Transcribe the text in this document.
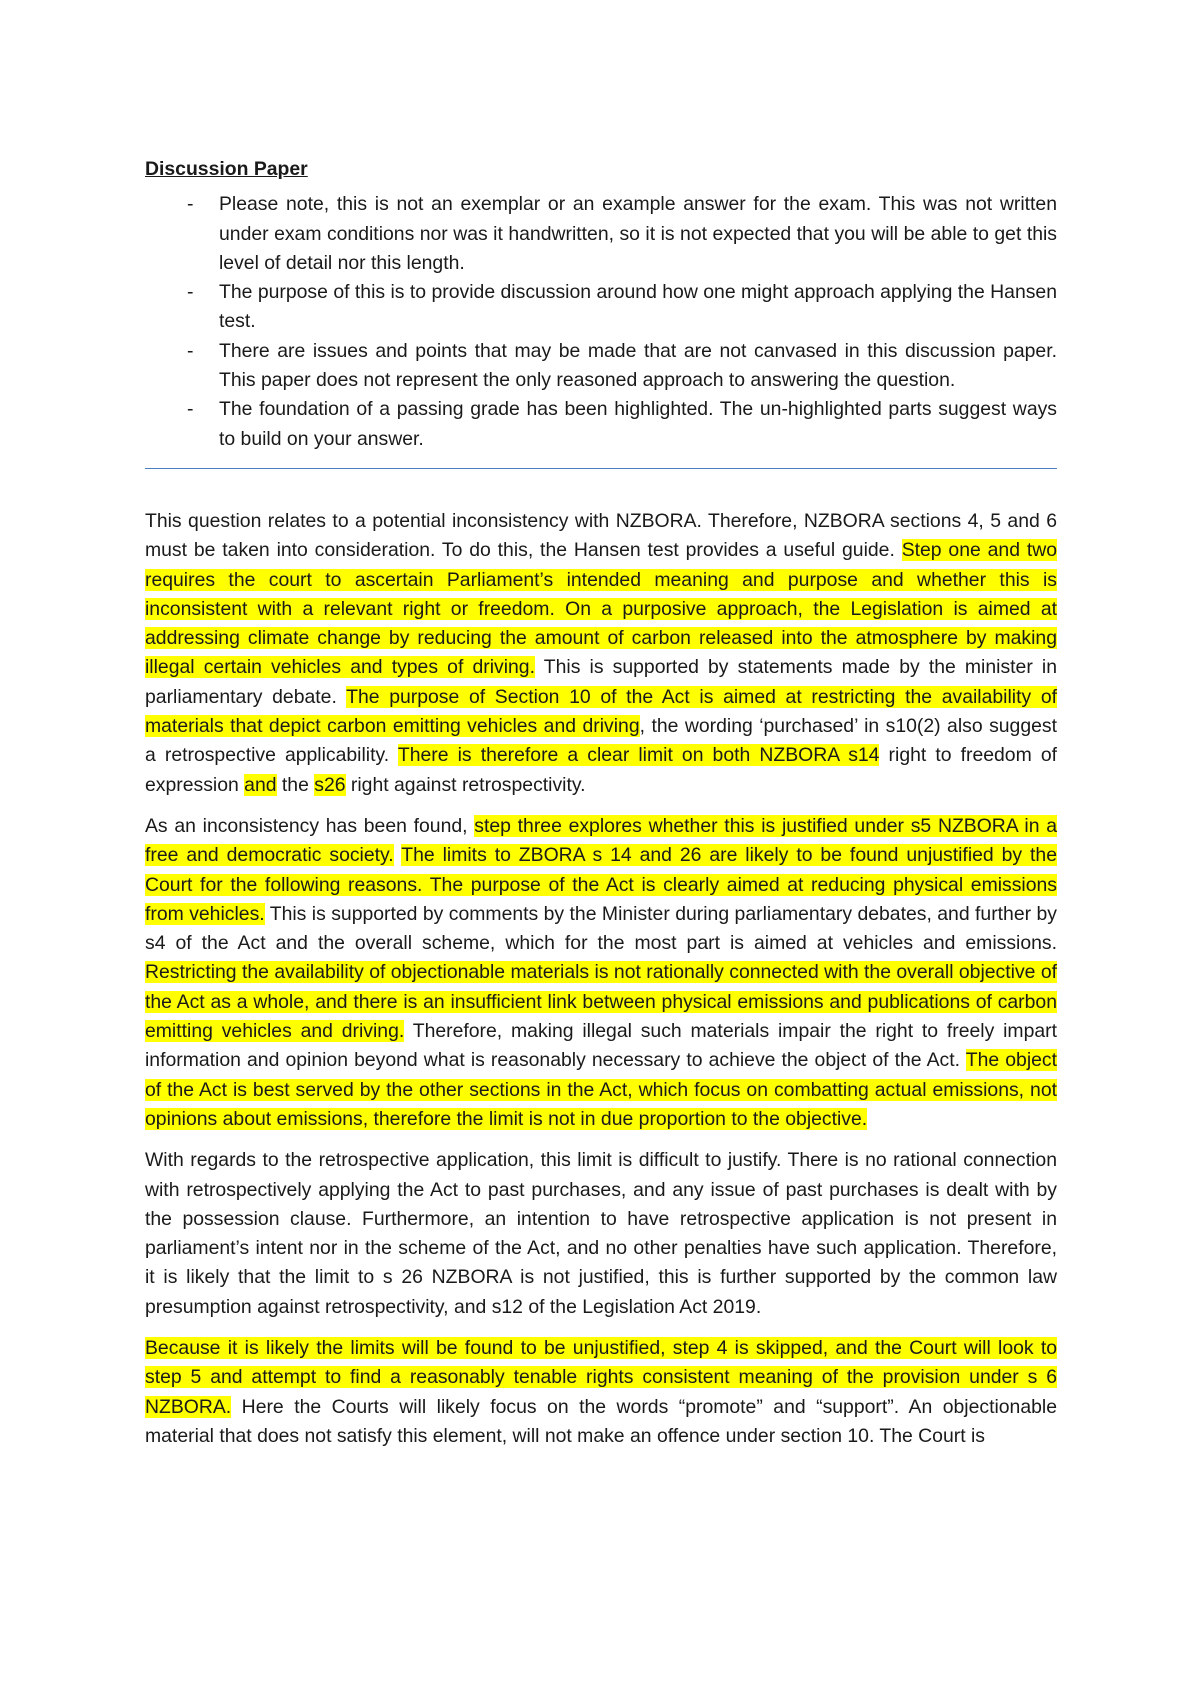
Discussion Paper
- Please note, this is not an exemplar or an example answer for the exam. This was not written under exam conditions nor was it handwritten, so it is not expected that you will be able to get this level of detail nor this length.
- The purpose of this is to provide discussion around how one might approach applying the Hansen test.
- There are issues and points that may be made that are not canvased in this discussion paper. This paper does not represent the only reasoned approach to answering the question.
- The foundation of a passing grade has been highlighted. The un-highlighted parts suggest ways to build on your answer.

This question relates to a potential inconsistency with NZBORA. Therefore, NZBORA sections 4, 5 and 6 must be taken into consideration. To do this, the Hansen test provides a useful guide. Step one and two requires the court to ascertain Parliament’s intended meaning and purpose and whether this is inconsistent with a relevant right or freedom. On a purposive approach, the Legislation is aimed at addressing climate change by reducing the amount of carbon released into the atmosphere by making illegal certain vehicles and types of driving. This is supported by statements made by the minister in parliamentary debate. The purpose of Section 10 of the Act is aimed at restricting the availability of materials that depict carbon emitting vehicles and driving, the wording ‘purchased’ in s10(2) also suggest a retrospective applicability. There is therefore a clear limit on both NZBORA s14 right to freedom of expression and the s26 right against retrospectivity.

As an inconsistency has been found, step three explores whether this is justified under s5 NZBORA in a free and democratic society. The limits to ZBORA s 14 and 26 are likely to be found unjustified by the Court for the following reasons. The purpose of the Act is clearly aimed at reducing physical emissions from vehicles. This is supported by comments by the Minister during parliamentary debates, and further by s4 of the Act and the overall scheme, which for the most part is aimed at vehicles and emissions. Restricting the availability of objectionable materials is not rationally connected with the overall objective of the Act as a whole, and there is an insufficient link between physical emissions and publications of carbon emitting vehicles and driving. Therefore, making illegal such materials impair the right to freely impart information and opinion beyond what is reasonably necessary to achieve the object of the Act. The object of the Act is best served by the other sections in the Act, which focus on combatting actual emissions, not opinions about emissions, therefore the limit is not in due proportion to the objective.

With regards to the retrospective application, this limit is difficult to justify. There is no rational connection with retrospectively applying the Act to past purchases, and any issue of past purchases is dealt with by the possession clause. Furthermore, an intention to have retrospective application is not present in parliament’s intent nor in the scheme of the Act, and no other penalties have such application. Therefore, it is likely that the limit to s 26 NZBORA is not justified, this is further supported by the common law presumption against retrospectivity, and s12 of the Legislation Act 2019.

Because it is likely the limits will be found to be unjustified, step 4 is skipped, and the Court will look to step 5 and attempt to find a reasonably tenable rights consistent meaning of the provision under s 6 NZBORA. Here the Courts will likely focus on the words “promote” and “support”. An objectionable material that does not satisfy this element, will not make an offence under section 10. The Court is
